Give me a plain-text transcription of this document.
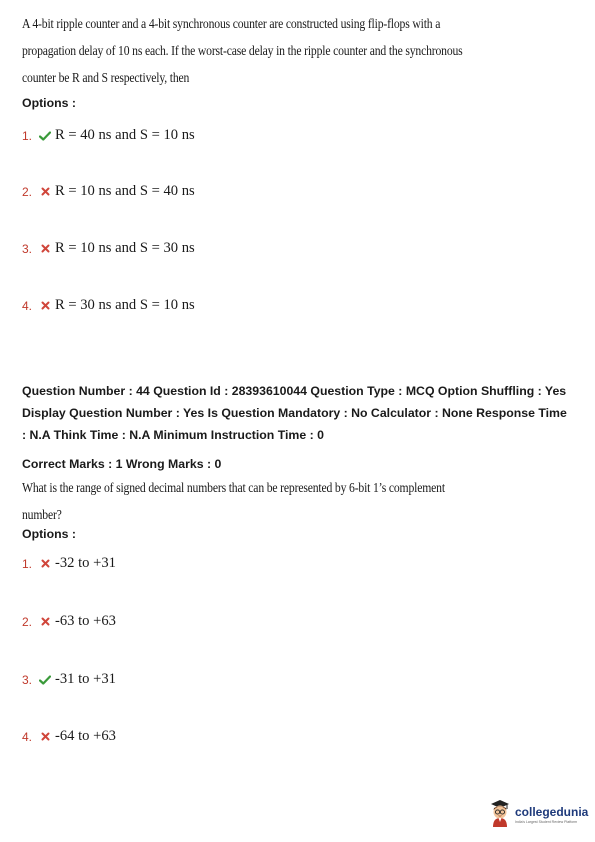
A 4-bit ripple counter and a 4-bit synchronous counter are constructed using flip-flops with a
propagation delay of 10 ns each. If the worst-case delay in the ripple counter and the synchronous
counter be R and S respectively, then
Options :
1.	R = 40 ns and S = 10 ns
2.	R = 10 ns and S = 40 ns
3.	R = 10 ns and S = 30 ns
4.	R = 30 ns and S = 10 ns
Question Number : 44 Question Id : 28393610044 Question Type : MCQ Option Shuffling : Yes
Display Question Number : Yes Is Question Mandatory : No Calculator : None Response Time
: N.A Think Time : N.A Minimum Instruction Time : 0
Correct Marks : 1 Wrong Marks : 0
What is the range of signed decimal numbers that can be represented by 6-bit 1’s complement
number?
Options :
1.	-32 to +31
2.	-63 to +63
3.	-31 to +31
4.	-64 to +63
collegedunia
India's Largest Student Review Platform
